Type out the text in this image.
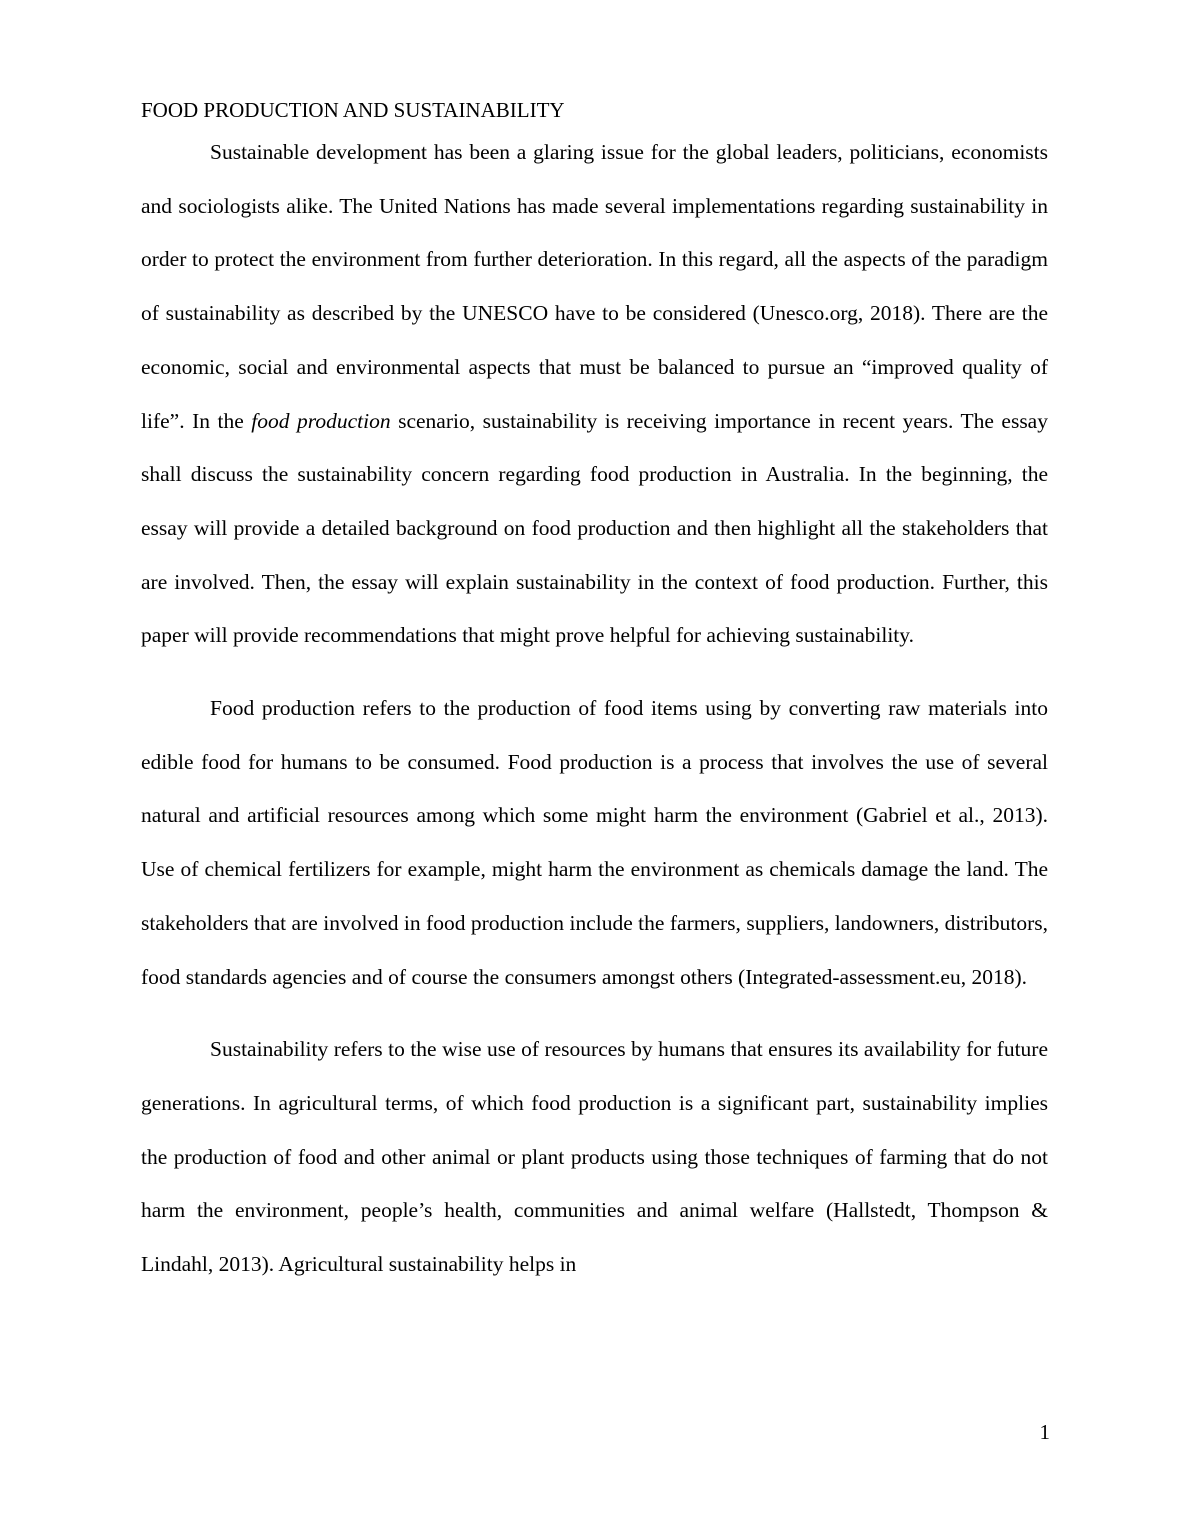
FOOD PRODUCTION AND SUSTAINABILITY

Sustainable development has been a glaring issue for the global leaders, politicians, economists and sociologists alike. The United Nations has made several implementations regarding sustainability in order to protect the environment from further deterioration. In this regard, all the aspects of the paradigm of sustainability as described by the UNESCO have to be considered (Unesco.org, 2018). There are the economic, social and environmental aspects that must be balanced to pursue an “improved quality of life”. In the food production scenario, sustainability is receiving importance in recent years. The essay shall discuss the sustainability concern regarding food production in Australia. In the beginning, the essay will provide a detailed background on food production and then highlight all the stakeholders that are involved. Then, the essay will explain sustainability in the context of food production. Further, this paper will provide recommendations that might prove helpful for achieving sustainability.

Food production refers to the production of food items using by converting raw materials into edible food for humans to be consumed. Food production is a process that involves the use of several natural and artificial resources among which some might harm the environment (Gabriel et al., 2013). Use of chemical fertilizers for example, might harm the environment as chemicals damage the land. The stakeholders that are involved in food production include the farmers, suppliers, landowners, distributors, food standards agencies and of course the consumers amongst others (Integrated-assessment.eu, 2018).

Sustainability refers to the wise use of resources by humans that ensures its availability for future generations. In agricultural terms, of which food production is a significant part, sustainability implies the production of food and other animal or plant products using those techniques of farming that do not harm the environment, people’s health, communities and animal welfare (Hallstedt, Thompson & Lindahl, 2013). Agricultural sustainability helps in

1
